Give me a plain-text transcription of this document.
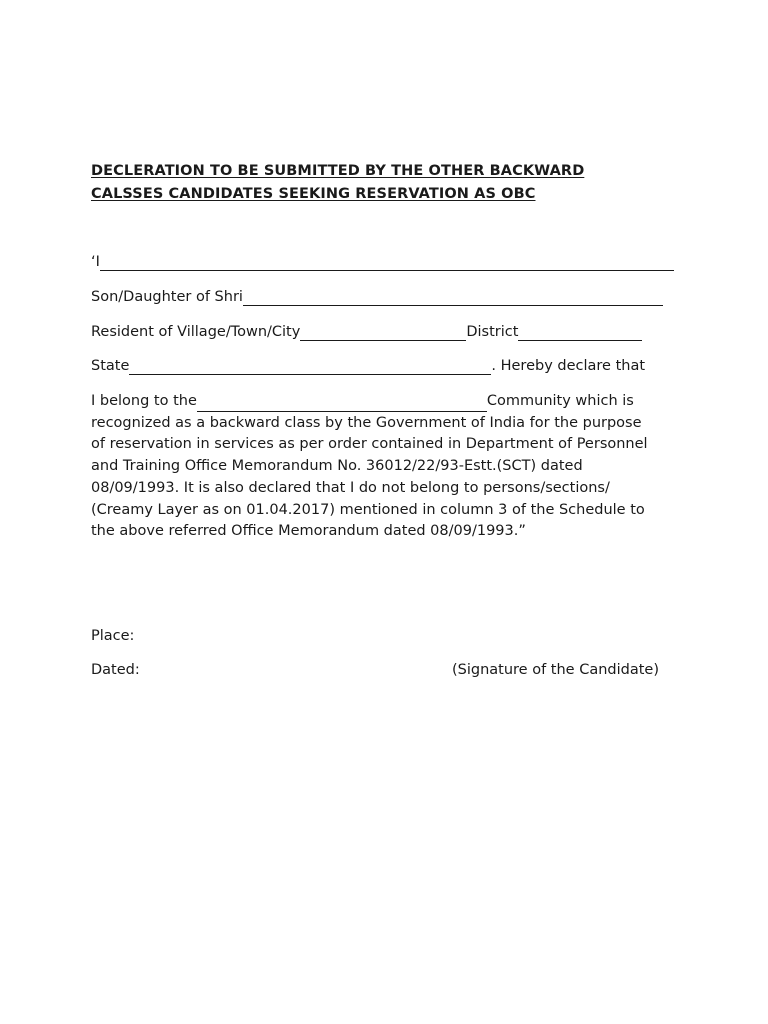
DECLERATION TO BE SUBMITTED BY THE OTHER BACKWARD
CALSSES CANDIDATES SEEKING RESERVATION AS OBC
‘I
Son/Daughter of Shri
Resident of Village/Town/City	District
State	. Hereby declare that
I belong to the	Community which is
recognized as a backward class by the Government of India for the purpose
of reservation in services as per order contained in Department of Personnel
and Training Office Memorandum No. 36012/22/93-Estt.(SCT) dated
08/09/1993. It is also declared that I do not belong to persons/sections/
(Creamy Layer as on 01.04.2017) mentioned in column 3 of the Schedule to
the above referred Office Memorandum dated 08/09/1993.”
Place:
Dated:	(Signature of the Candidate)
